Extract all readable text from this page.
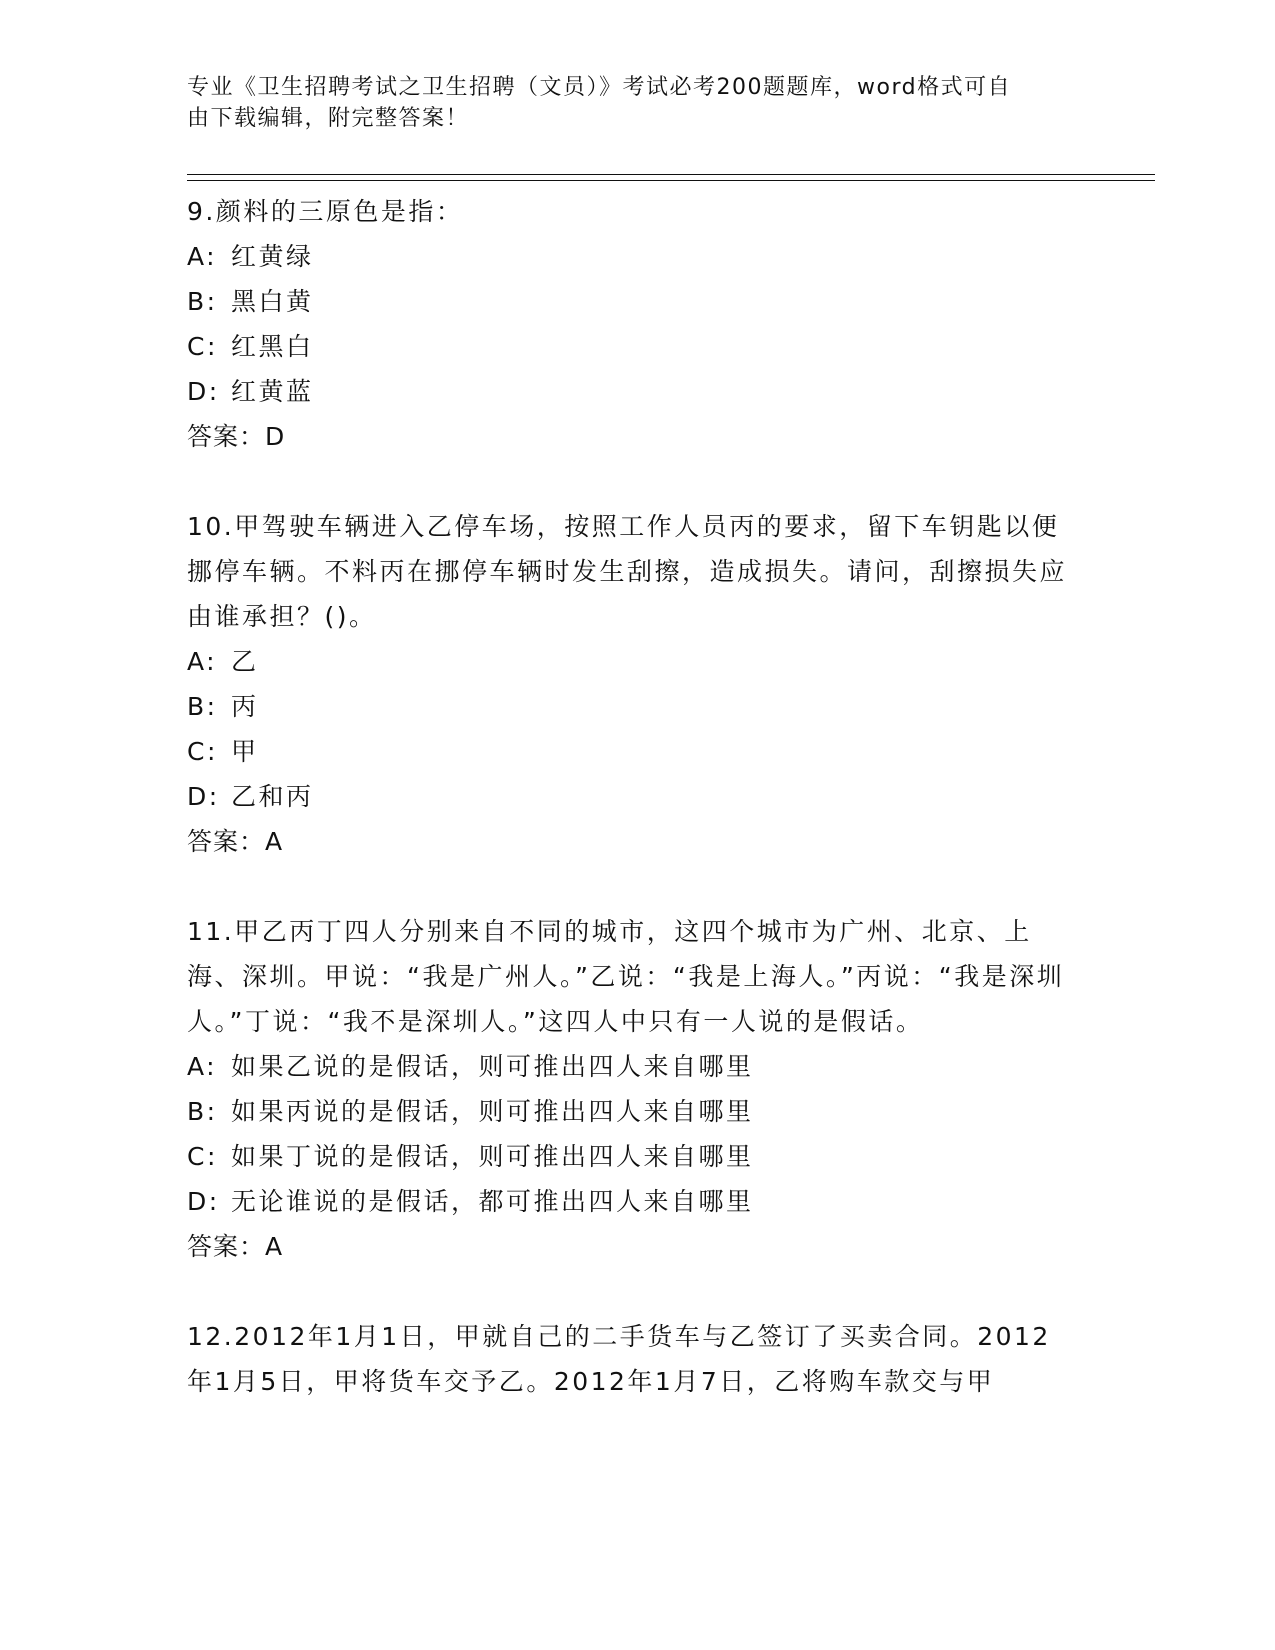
专业《卫生招聘考试之卫生招聘（文员）》考试必考200题题库，word格式可自
由下载编辑，附完整答案！
9.颜料的三原色是指：
A: 红黄绿
B: 黑白黄
C: 红黑白
D: 红黄蓝
答案：D
10.甲驾驶车辆进入乙停车场，按照工作人员丙的要求，留下车钥匙以便挪停车辆。不料丙在挪停车辆时发生刮擦，造成损失。请问，刮擦损失应由谁承担？()。
A: 乙
B: 丙
C: 甲
D: 乙和丙
答案：A
11.甲乙丙丁四人分别来自不同的城市，这四个城市为广州、北京、上海、深圳。甲说：“我是广州人。”乙说：“我是上海人。”丙说：“我是深圳人。”丁说：“我不是深圳人。”这四人中只有一人说的是假话。
A: 如果乙说的是假话，则可推出四人来自哪里
B: 如果丙说的是假话，则可推出四人来自哪里
C: 如果丁说的是假话，则可推出四人来自哪里
D: 无论谁说的是假话，都可推出四人来自哪里
答案：A
12.2012年1月1日，甲就自己的二手货车与乙签订了买卖合同。2012年1月5日，甲将货车交予乙。2012年1月7日，乙将购车款交与甲
